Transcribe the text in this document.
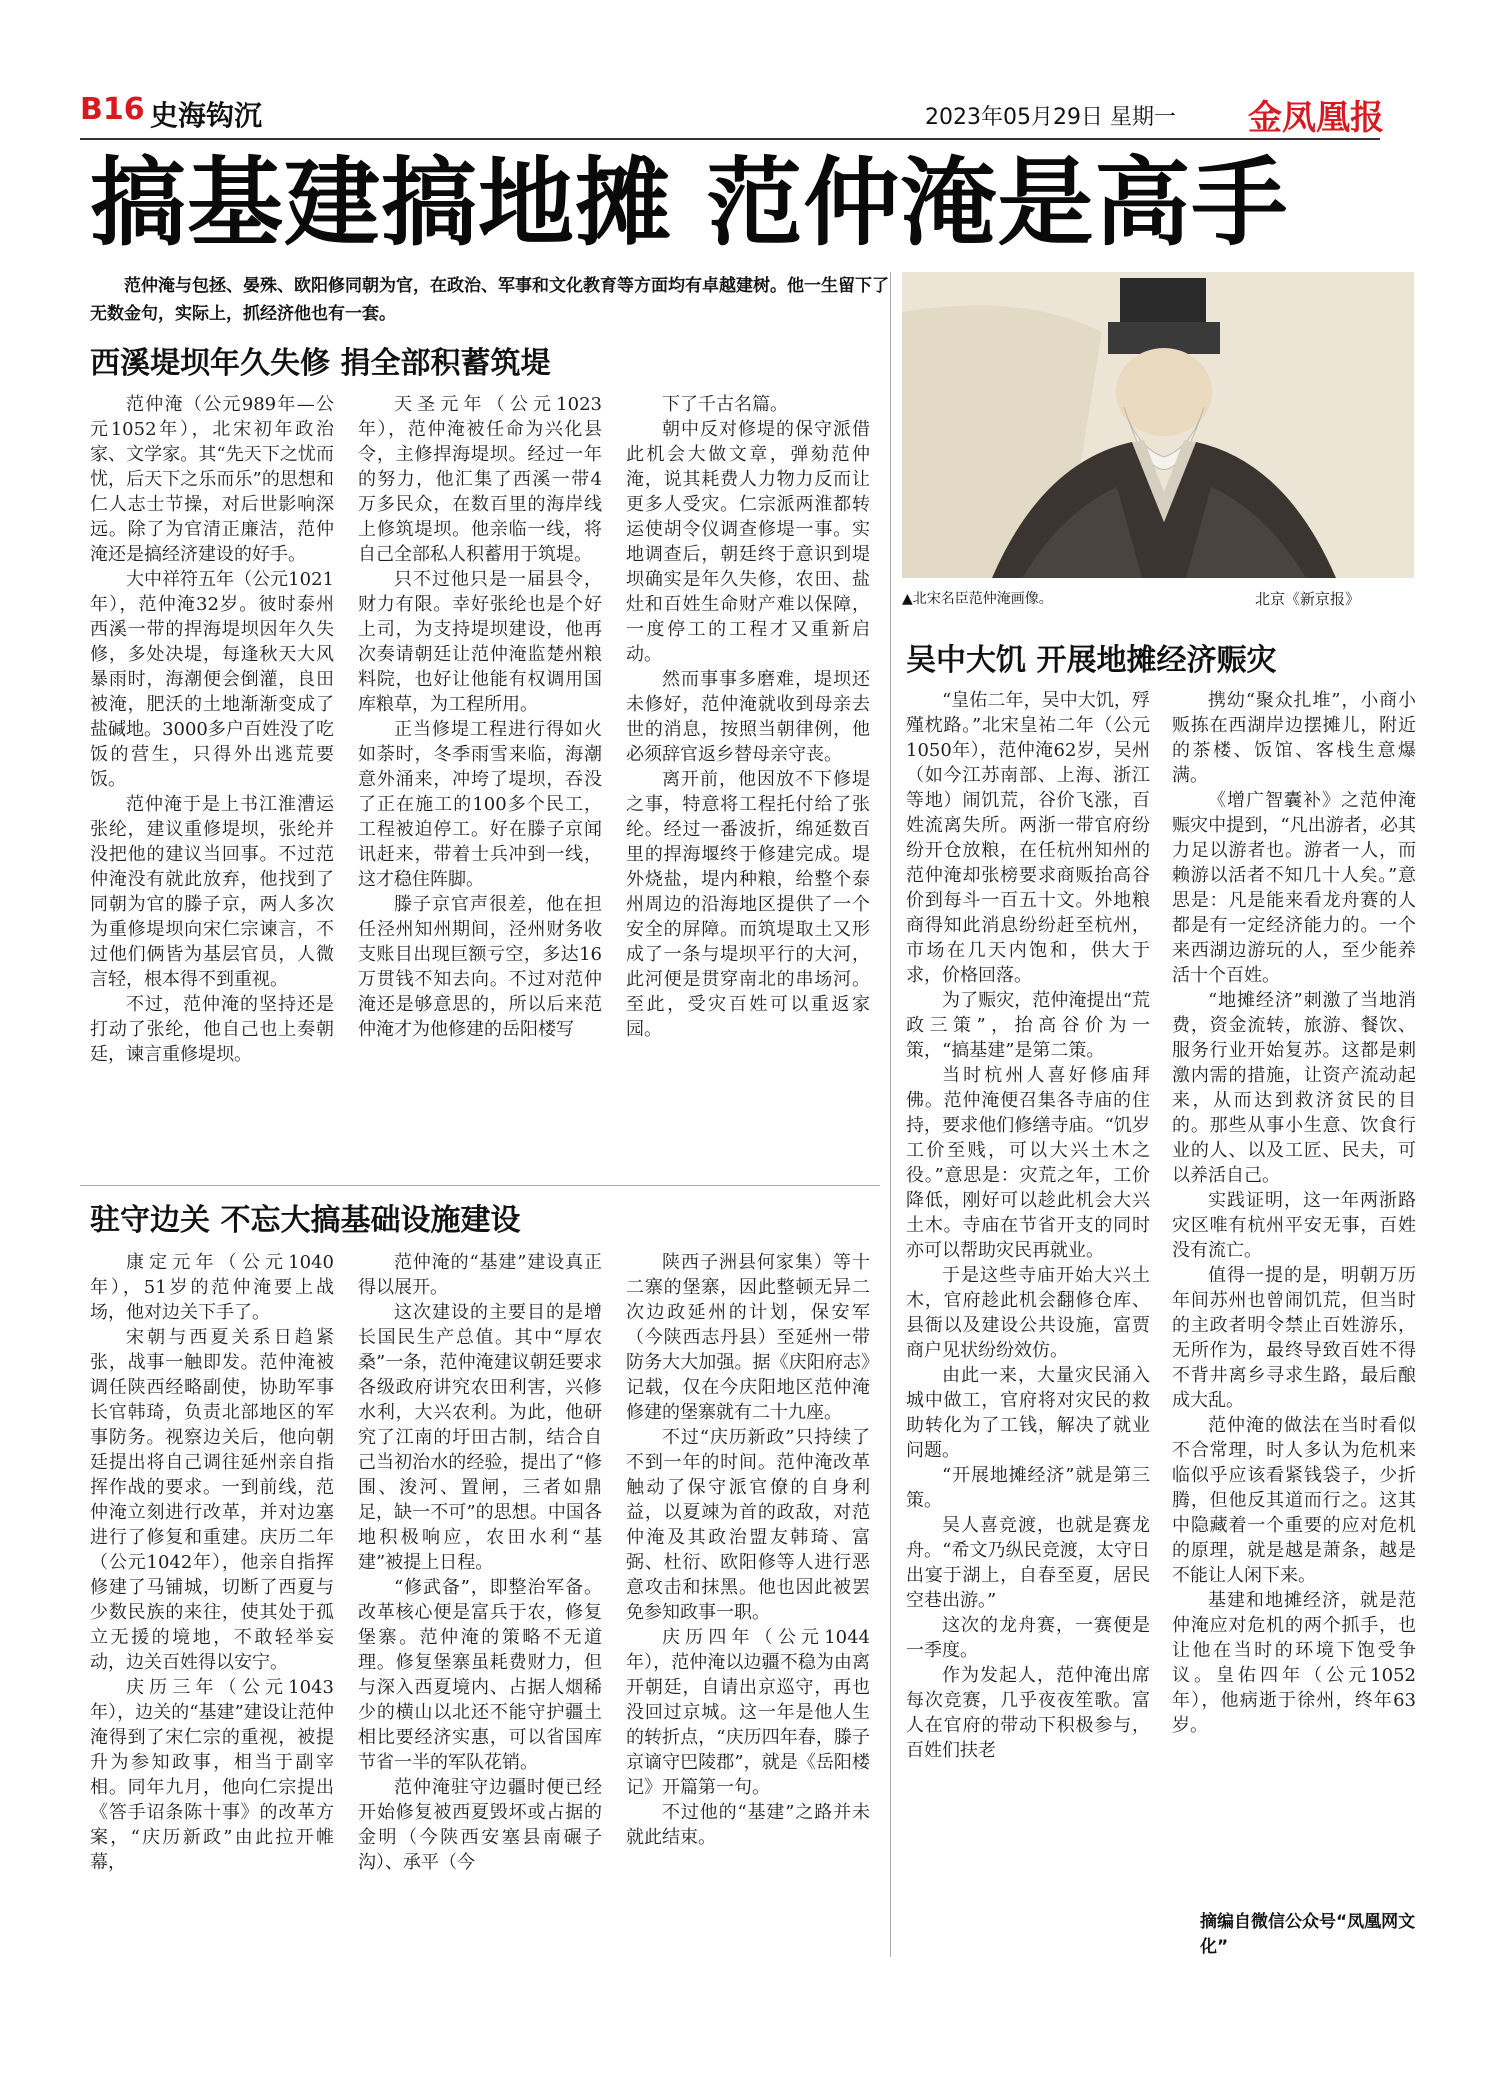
B16 史海钩沉	2023年05月29日 星期一 金凤凰报
搞基建搞地摊 范仲淹是高手
范仲淹与包拯、晏殊、欧阳修同朝为官，在政治、军事和文化教育等方面均有卓越建树。他一生留下了无数金句，实际上，抓经济他也有一套。
西溪堤坝年久失修 捐全部积蓄筑堤

范仲淹（公元989年—公元1052年），北宋初年政治家、文学家。其“先天下之忧而忧，后天下之乐而乐”的思想和仁人志士节操，对后世影响深远。除了为官清正廉洁，范仲淹还是搞经济建设的好手。

大中祥符五年（公元1021年），范仲淹32岁。彼时泰州西溪一带的捍海堤坝因年久失修，多处决堤，每逢秋天大风暴雨时，海潮便会倒灌，良田被淹，肥沃的土地渐渐变成了盐碱地。3000多户百姓没了吃饭的营生，只得外出逃荒要饭。

范仲淹于是上书江淮漕运张纶，建议重修堤坝，张纶并没把他的建议当回事。不过范仲淹没有就此放弃，他找到了同朝为官的滕子京，两人多次为重修堤坝向宋仁宗谏言，不过他们俩皆为基层官员，人微言轻，根本得不到重视。

不过，范仲淹的坚持还是打动了张纶，他自己也上奏朝廷，谏言重修堤坝。

天圣元年（公元1023年），范仲淹被任命为兴化县令，主修捍海堤坝。经过一年的努力，他汇集了西溪一带4万多民众，在数百里的海岸线上修筑堤坝。他亲临一线，将自己全部私人积蓄用于筑堤。

只不过他只是一届县令，财力有限。幸好张纶也是个好上司，为支持堤坝建设，他再次奏请朝廷让范仲淹监楚州粮料院，也好让他能有权调用国库粮草，为工程所用。

正当修堤工程进行得如火如荼时，冬季雨雪来临，海潮意外涌来，冲垮了堤坝，吞没了正在施工的100多个民工，工程被迫停工。好在滕子京闻讯赶来，带着士兵冲到一线，这才稳住阵脚。

滕子京官声很差，他在担任泾州知州期间，泾州财务收支账目出现巨额亏空，多达16万贯钱不知去向。不过对范仲淹还是够意思的，所以后来范仲淹才为他修建的岳阳楼写

下了千古名篇。

朝中反对修堤的保守派借此机会大做文章，弹劾范仲淹，说其耗费人力物力反而让更多人受灾。仁宗派两淮都转运使胡令仪调查修堤一事。实地调查后，朝廷终于意识到堤坝确实是年久失修，农田、盐灶和百姓生命财产难以保障，一度停工的工程才又重新启动。

然而事事多磨难，堤坝还未修好，范仲淹就收到母亲去世的消息，按照当朝律例，他必须辞官返乡替母亲守丧。

离开前，他因放不下修堤之事，特意将工程托付给了张纶。经过一番波折，绵延数百里的捍海堰终于修建完成。堤外烧盐，堤内种粮，给整个泰州周边的沿海地区提供了一个安全的屏障。而筑堤取土又形成了一条与堤坝平行的大河，此河便是贯穿南北的串场河。至此，受灾百姓可以重返家园。

驻守边关 不忘大搞基础设施建设

康定元年（公元1040年），51岁的范仲淹要上战场，他对边关下手了。

宋朝与西夏关系日趋紧张，战事一触即发。范仲淹被调任陕西经略副使，协助军事长官韩琦，负责北部地区的军事防务。视察边关后，他向朝廷提出将自己调往延州亲自指挥作战的要求。一到前线，范仲淹立刻进行改革，并对边塞进行了修复和重建。庆历二年（公元1042年），他亲自指挥修建了马铺城，切断了西夏与少数民族的来往，使其处于孤立无援的境地，不敢轻举妄动，边关百姓得以安宁。

庆历三年（公元1043年），边关的“基建”建设让范仲淹得到了宋仁宗的重视，被提升为参知政事，相当于副宰相。同年九月，他向仁宗提出《答手诏条陈十事》的改革方案，“庆历新政”由此拉开帷幕，

范仲淹的“基建”建设真正得以展开。

这次建设的主要目的是增长国民生产总值。其中“厚农桑”一条，范仲淹建议朝廷要求各级政府讲究农田利害，兴修水利，大兴农利。为此，他研究了江南的圩田古制，结合自己当初治水的经验，提出了“修围、浚河、置闸，三者如鼎足，缺一不可”的思想。中国各地积极响应，农田水利“基建”被提上日程。

“修武备”，即整治军备。改革核心便是富兵于农，修复堡寨。范仲淹的策略不无道理。修复堡寨虽耗费财力，但与深入西夏境内、占据人烟稀少的横山以北还不能守护疆土相比要经济实惠，可以省国库节省一半的军队花销。

范仲淹驻守边疆时便已经开始修复被西夏毁坏或占据的金明（今陕西安塞县南碾子沟）、承平（今

陕西子洲县何家集）等十二寨的堡寨，因此整顿无异二次边政延州的计划，保安军（今陕西志丹县）至延州一带防务大大加强。据《庆阳府志》记载，仅在今庆阳地区范仲淹修建的堡寨就有二十九座。

不过“庆历新政”只持续了不到一年的时间。范仲淹改革触动了保守派官僚的自身利益，以夏竦为首的政敌，对范仲淹及其政治盟友韩琦、富弼、杜衍、欧阳修等人进行恶意攻击和抹黑。他也因此被罢免参知政事一职。

庆历四年（公元1044年），范仲淹以边疆不稳为由离开朝廷，自请出京巡守，再也没回过京城。这一年是他人生的转折点，“庆历四年春，滕子京谪守巴陵郡”，就是《岳阳楼记》开篇第一句。

不过他的“基建”之路并未就此结束。

▲北宋名臣范仲淹画像。	北京《新京报》
吴中大饥 开展地摊经济赈灾

“皇佑二年，吴中大饥，殍殣枕路。”北宋皇祐二年（公元1050年），范仲淹62岁，吴州（如今江苏南部、上海、浙江等地）闹饥荒，谷价飞涨，百姓流离失所。两浙一带官府纷纷开仓放粮，在任杭州知州的范仲淹却张榜要求商贩抬高谷价到每斗一百五十文。外地粮商得知此消息纷纷赶至杭州，市场在几天内饱和，供大于求，价格回落。

为了赈灾，范仲淹提出“荒政三策”，抬高谷价为一策，“搞基建”是第二策。

当时杭州人喜好修庙拜佛。范仲淹便召集各寺庙的住持，要求他们修缮寺庙。“饥岁工价至贱，可以大兴土木之役。”意思是：灾荒之年，工价降低，刚好可以趁此机会大兴土木。寺庙在节省开支的同时亦可以帮助灾民再就业。

于是这些寺庙开始大兴土木，官府趁此机会翻修仓库、县衙以及建设公共设施，富贾商户见状纷纷效仿。

由此一来，大量灾民涌入城中做工，官府将对灾民的救助转化为了工钱，解决了就业问题。

“开展地摊经济”就是第三策。

吴人喜竞渡，也就是赛龙舟。“希文乃纵民竞渡，太守日出宴于湖上，自春至夏，居民空巷出游。”

这次的龙舟赛，一赛便是一季度。

作为发起人，范仲淹出席每次竞赛，几乎夜夜笙歌。富人在官府的带动下积极参与，百姓们扶老

携幼“聚众扎堆”，小商小贩拣在西湖岸边摆摊儿，附近的茶楼、饭馆、客栈生意爆满。

《增广智囊补》之范仲淹赈灾中提到，“凡出游者，必其力足以游者也。游者一人，而赖游以活者不知几十人矣。”意思是：凡是能来看龙舟赛的人都是有一定经济能力的。一个来西湖边游玩的人，至少能养活十个百姓。

“地摊经济”刺激了当地消费，资金流转，旅游、餐饮、服务行业开始复苏。这都是刺激内需的措施，让资产流动起来，从而达到救济贫民的目的。那些从事小生意、饮食行业的人、以及工匠、民夫，可以养活自己。

实践证明，这一年两浙路灾区唯有杭州平安无事，百姓没有流亡。

值得一提的是，明朝万历年间苏州也曾闹饥荒，但当时的主政者明令禁止百姓游乐，无所作为，最终导致百姓不得不背井离乡寻求生路，最后酿成大乱。

范仲淹的做法在当时看似不合常理，时人多认为危机来临似乎应该看紧钱袋子，少折腾，但他反其道而行之。这其中隐藏着一个重要的应对危机的原理，就是越是萧条，越是不能让人闲下来。

基建和地摊经济，就是范仲淹应对危机的两个抓手，也让他在当时的环境下饱受争议。皇佑四年（公元1052年），他病逝于徐州，终年63岁。

摘编自微信公众号“凤凰网文化”
